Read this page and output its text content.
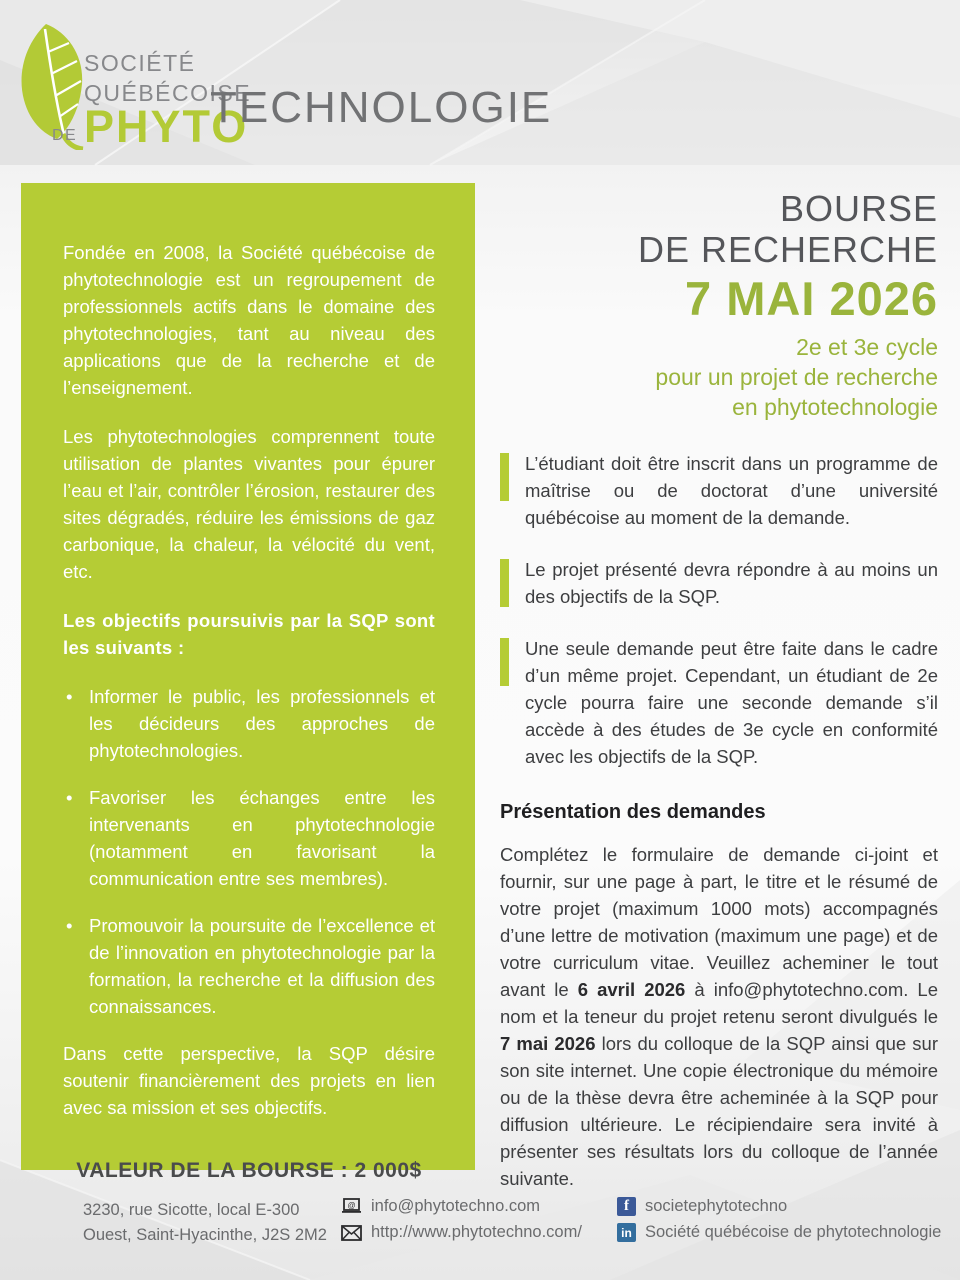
SOCIÉTÉ
QUÉBÉCOISE
DE PHYTO
TECHNOLOGIE

Fondée en 2008, la Société québécoise de phytotechnologie est un regroupement de professionnels actifs dans le domaine des phytotechnologies, tant au niveau des applications que de la recherche et de l’enseignement.

Les phytotechnologies comprennent toute utilisation de plantes vivantes pour épurer l’eau et l’air, contrôler l’érosion, restaurer des sites dégradés, réduire les émissions de gaz carbonique, la chaleur, la vélocité du vent, etc.

Les objectifs poursuivis par la SQP sont les suivants :

• Informer le public, les professionnels et les décideurs des approches de phytotechnologies.
• Favoriser les échanges entre les intervenants en phytotechnologie (notamment en favorisant la communication entre ses membres).
• Promouvoir la poursuite de l’excellence et de l’innovation en phytotechnologie par la formation, la recherche et la diffusion des connaissances.

Dans cette perspective, la SQP désire soutenir financièrement des projets en lien avec sa mission et ses objectifs.

VALEUR DE LA BOURSE : 2 000$
BOURSE
DE RECHERCHE
7 MAI 2026
2e et 3e cycle
pour un projet de recherche
en phytotechnologie
L’étudiant doit être inscrit dans un programme de maîtrise ou de doctorat d’une université québécoise au moment de la demande.
Le projet présenté devra répondre à au moins un des objectifs de la SQP.
Une seule demande peut être faite dans le cadre d’un même projet. Cependant, un étudiant de 2e cycle pourra faire une seconde demande s’il accède à des études de 3e cycle en conformité avec les objectifs de la SQP.
Présentation des demandes
Complétez le formulaire de demande ci-joint et fournir, sur une page à part, le titre et le résumé de votre projet (maximum 1000 mots) accompagnés d’une lettre de motivation (maximum une page) et de votre curriculum vitae. Veuillez acheminer le tout avant le 6 avril 2026 à info@phytotechno.com. Le nom et la teneur du projet retenu seront divulgués le 7 mai 2026 lors du colloque de la SQP ainsi que sur son site internet. Une copie électronique du mémoire ou de la thèse devra être acheminée à la SQP pour diffusion ultérieure. Le récipiendaire sera invité à présenter ses résultats lors du colloque de l’année suivante.
3230, rue Sicotte, local E-300
Ouest, Saint-Hyacinthe, J2S 2M2
@ info@phytotechno.com
http://www.phytotechno.com/
f societephytotechno
in Société québécoise de phytotechnologie
